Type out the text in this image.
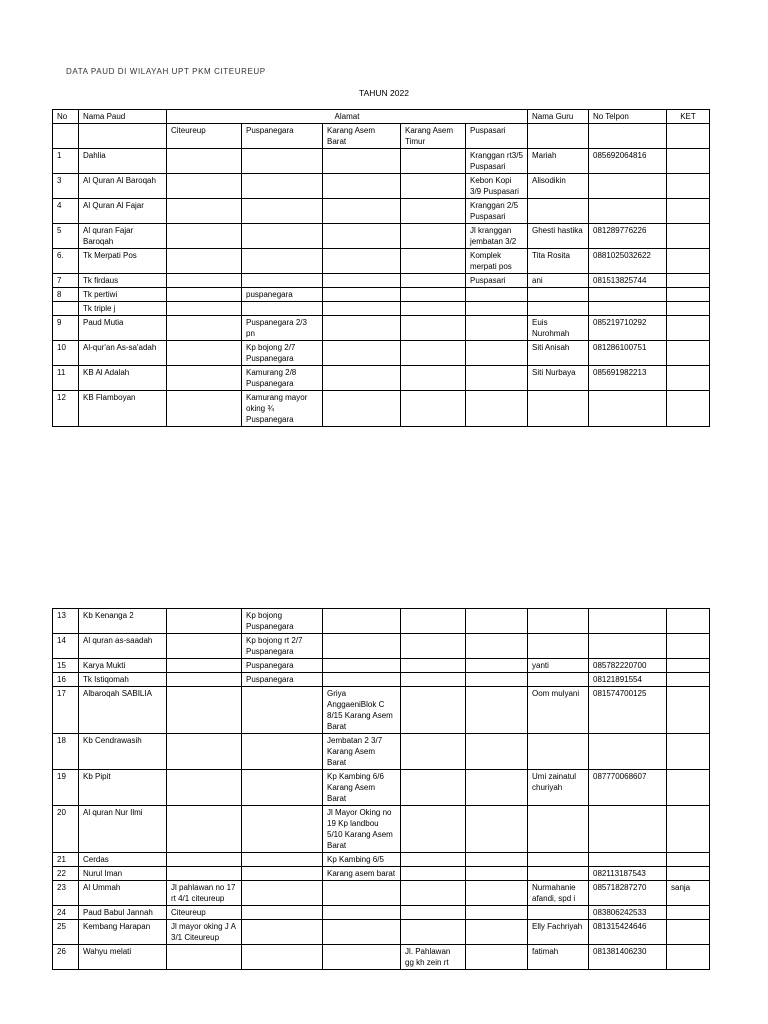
DATA PAUD DI WILAYAH UPT PKM CITEUREUP
TAHUN 2022
No	Nama Paud	Alamat					Nama Guru	No Telpon	KET
		Citeureup	Puspanegara	Karang Asem Barat	Karang Asem Timur	Puspasari			
1	Dahlia					Kranggan rt3/5 Puspasari	Mariah	085692064816	
3	Al Quran Al Baroqah					Kebon Kopi 3/9 Puspasari	Alisodikin		
4	Al Quran Al Fajar					Kranggan 2/5 Puspasari			
5	Al quran Fajar Baroqah					Jl kranggan jembatan 3/2	Ghesti hastika	081289776226	
6.	Tk Merpati Pos					Komplek merpati pos	Tita Rosita	0881025032622	
7	Tk firdaus					Puspasari	ani	081513825744	
8	Tk pertiwi		puspanegara						
	Tk triple j								
9	Paud Mutia		Puspanegara 2/3 pn				Euis Nurohmah	085219710292	
10	Al-qur'an As-sa'adah		Kp bojong 2/7 Puspanegara				Siti Anisah	081286100751	
11	KB Al Adalah		Kamurang 2/8 Puspanegara				Siti Nurbaya	085691982213	
12	KB Flamboyan		Kamurang mayor oking ¾ Puspanegara						
13	Kb Kenanga 2		Kp bojong Puspanegara						
14	Al quran as-saadah		Kp bojong rt 2/7 Puspanegara						
15	Karya Mukti		Puspanegara				yanti	085782220700	
16	Tk Istiqomah		Puspanegara					08121891554	
17	Albaroqah SABILIA			Griya AnggaeniBlok C 8/15 Karang Asem Barat			Oom mulyani	081574700125	
18	Kb Cendrawasih			Jembatan 2 3/7 Karang Asem Barat					
19	Kb Pipit			Kp Kambing 6/6 Karang Asem Barat			Umi zainatul churiyah	087770068607	
20	Al quran Nur Ilmi			Jl Mayor Oking no 19 Kp landbou 5/10 Karang Asem Barat					
21	Cerdas			Kp Kambing 6/5					
22	Nurul Iman			Karang asem barat				082113187543	
23	Al Ummah	Jl pahlawan no 17 rt 4/1 citeureup					Nurmahanie afandi, spd i	085718287270	sanja
24	Paud Babul Jannah	Citeureup						083806242533	
25	Kembang Harapan	Jl mayor oking J A 3/1 Citeureup					Elly Fachriyah	081315424646	
26	Wahyu melati				Jl. Pahlawan gg kh zein rt		fatimah	081381406230	
